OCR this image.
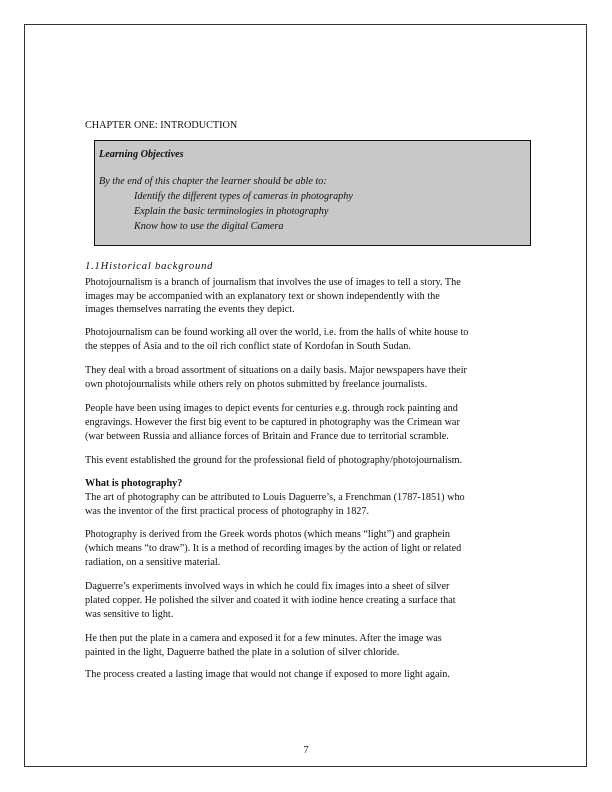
CHAPTER ONE: INTRODUCTION
Learning Objectives
By the end of this chapter the learner should be able to:
Identify the different types of cameras in photography
Explain the basic terminologies in photography
Know how to use the digital Camera
1.1Historical background
Photojournalism is a branch of journalism that involves the use of images to tell a story. The
images may be accompanied with an explanatory text or shown independently with the
images themselves narrating the events they depict.
Photojournalism can be found working all over the world, i.e. from the halls of white house to
the steppes of Asia and to the oil rich conflict state of Kordofan in South Sudan.
They deal with a broad assortment of situations on a daily basis. Major newspapers have their
own photojournalists while others rely on photos submitted by freelance journalists.
People have been using images to depict events for centuries e.g. through rock painting and
engravings. However the first big event to be captured in photography was the Crimean war
(war between Russia and alliance forces of Britain and France due to territorial scramble.
This event established the ground for the professional field of photography/photojournalism.
What is photography?
The art of photography can be attributed to Louis Daguerre’s, a Frenchman (1787-1851) who
was the inventor of the first practical process of photography in 1827.
Photography is derived from the Greek words photos (which means “light”) and graphein
(which means “to draw”). It is a method of recording images by the action of light or related
radiation, on a sensitive material.
Daguerre’s experiments involved ways in which he could fix images into a sheet of silver
plated copper. He polished the silver and coated it with iodine hence creating a surface that
was sensitive to light.
He then put the plate in a camera and exposed it for a few minutes. After the image was
painted in the light, Daguerre bathed the plate in a solution of silver chloride.
The process created a lasting image that would not change if exposed to more light again.
7
